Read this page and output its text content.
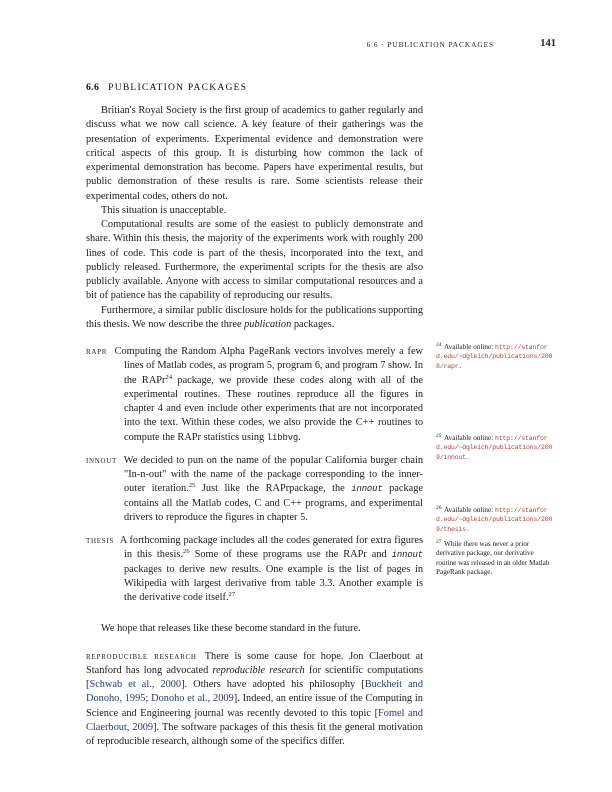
6.6 · PUBLICATION PACKAGES	141
6.6 PUBLICATION PACKAGES

Britian's Royal Society is the first group of academics to gather regularly and discuss what we now call science. A key feature of their gatherings was the presentation of experiments. Experimental evidence and demonstration were critical aspects of this group. It is disturbing how common the lack of experimental demonstration has become. Papers have experimental results, but public demonstration of these results is rare. Some scientists release their experimental codes, others do not.

This situation is unacceptable.

Computational results are some of the easiest to publicly demonstrate and share. Within this thesis, the majority of the experiments work with roughly 200 lines of code. This code is part of the thesis, incorporated into the text, and publicly released. Furthermore, the experimental scripts for the thesis are also publicly available. Anyone with access to similar computational resources and a bit of patience has the capability of reproducing our results.

Furthermore, a similar public disclosure holds for the publications supporting this thesis. We now describe the three publication packages.

rapr Computing the Random Alpha PageRank vectors involves merely a few lines of Matlab codes, as program 5, program 6, and program 7 show. In the RAPr$^{24}$ package, we provide these codes along with all of the experimental routines. These routines reproduce all the figures in chapter 4 and even include other experiments that are not incorporated into the text. Within these codes, we also provide the C++ routines to compute the RAPr statistics using libbvg.

innout We decided to pun on the name of the popular California burger chain "In-n-out" with the name of the package corresponding to the inner-outer iteration.$^{25}$ Just like the RAPrpackage, the innout package contains all the Matlab codes, C and C++ programs, and experimental drivers to reproduce the figures in chapter 5.

thesis A forthcoming package includes all the codes generated for extra figures in this thesis.$^{26}$ Some of these programs use the RAPr and innout packages to derive new results. One example is the list of pages in Wikipedia with largest derivative from table 3.3. Another example is the derivative code itself.$^{27}$

We hope that releases like these become standard in the future.

reproducible research There is some cause for hope. Jon Claerbout at Stanford has long advocated reproducible research for scientific computations [Schwab et al., 2000]. Others have adopted his philosophy [Buckheit and Donoho, 1995; Donoho et al., 2009]. Indeed, an entire issue of the Computing in Science and Engineering journal was recently devoted to this topic [Fomel and Claerbout, 2009]. The software packages of this thesis fit the general motivation of reproducible research, although some of the specifics differ.

$^{24}$ Available online: http://stanford.edu/~dgleich/publications/2008/rapr.
$^{25}$ Available online: http://stanford.edu/~dgleich/publications/2009/innout.
$^{26}$ Available online: http://stanford.edu/~dgleich/publications/2009/thesis.
$^{27}$ While there was never a prior derivative package, our derivative routine was released in an older Matlab PageRank package.
